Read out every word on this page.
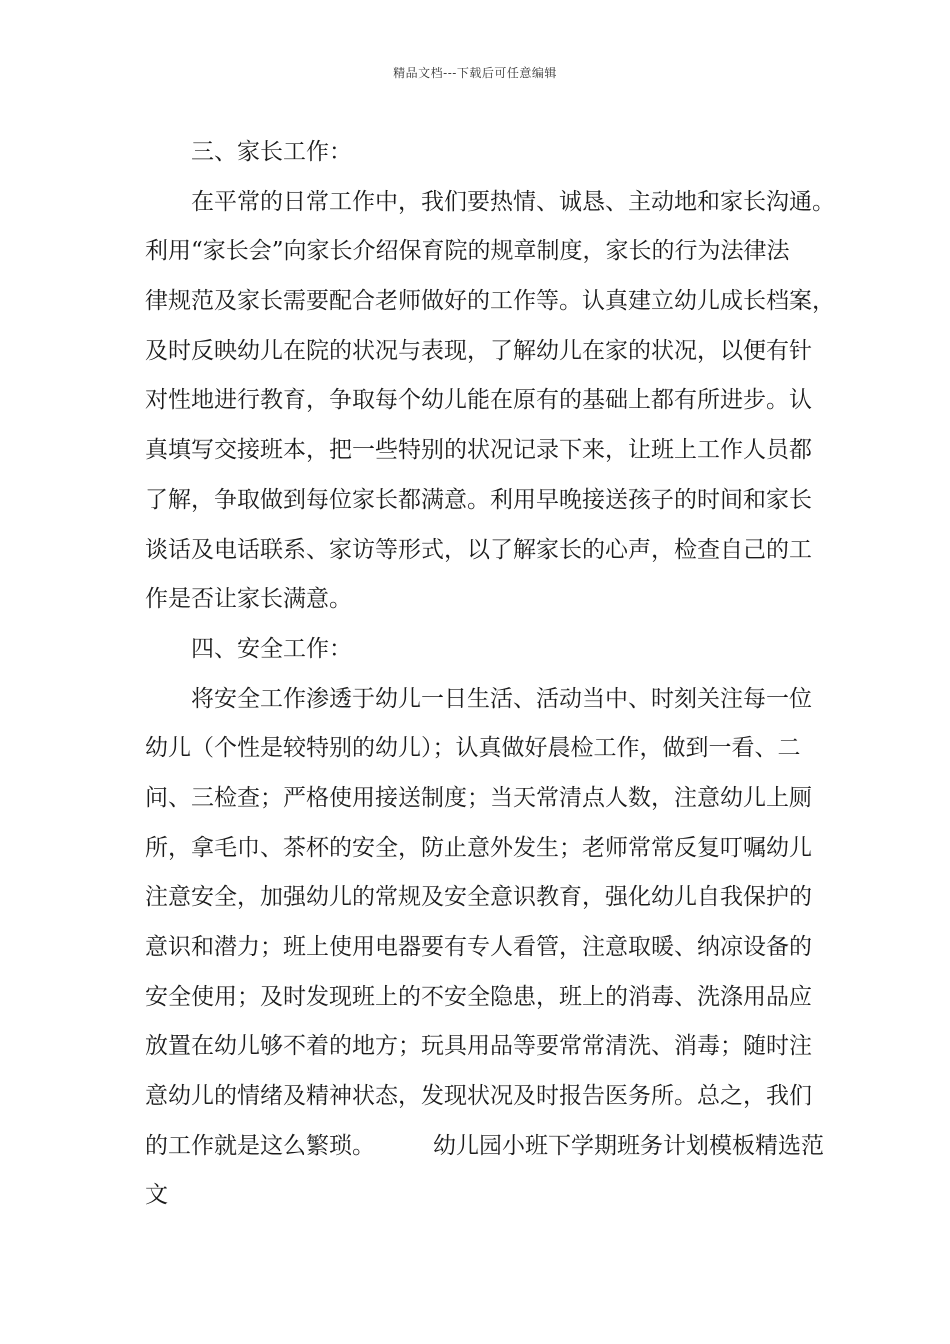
精品文档---下载后可任意编辑
三、家长工作：
在平常的日常工作中，我们要热情、诚恳、主动地和家长沟通。
利用“家长会”向家长介绍保育院的规章制度，家长的行为法律法
律规范及家长需要配合老师做好的工作等。认真建立幼儿成长档案，
及时反映幼儿在院的状况与表现，了解幼儿在家的状况，以便有针
对性地进行教育，争取每个幼儿能在原有的基础上都有所进步。认
真填写交接班本，把一些特别的状况记录下来，让班上工作人员都
了解，争取做到每位家长都满意。利用早晚接送孩子的时间和家长
谈话及电话联系、家访等形式，以了解家长的心声，检查自己的工
作是否让家长满意。
四、安全工作：
将安全工作渗透于幼儿一日生活、活动当中、时刻关注每一位
幼儿（个性是较特别的幼儿）；认真做好晨检工作，做到一看、二
问、三检查；严格使用接送制度；当天常清点人数，注意幼儿上厕
所，拿毛巾、茶杯的安全，防止意外发生；老师常常反复叮嘱幼儿
注意安全，加强幼儿的常规及安全意识教育，强化幼儿自我保护的
意识和潜力；班上使用电器要有专人看管，注意取暖、纳凉设备的
安全使用；及时发现班上的不安全隐患，班上的消毒、洗涤用品应
放置在幼儿够不着的地方；玩具用品等要常常清洗、消毒；随时注
意幼儿的情绪及精神状态，发现状况及时报告医务所。总之，我们
的工作就是这么繁琐。	幼儿园小班下学期班务计划模板精选范
文
